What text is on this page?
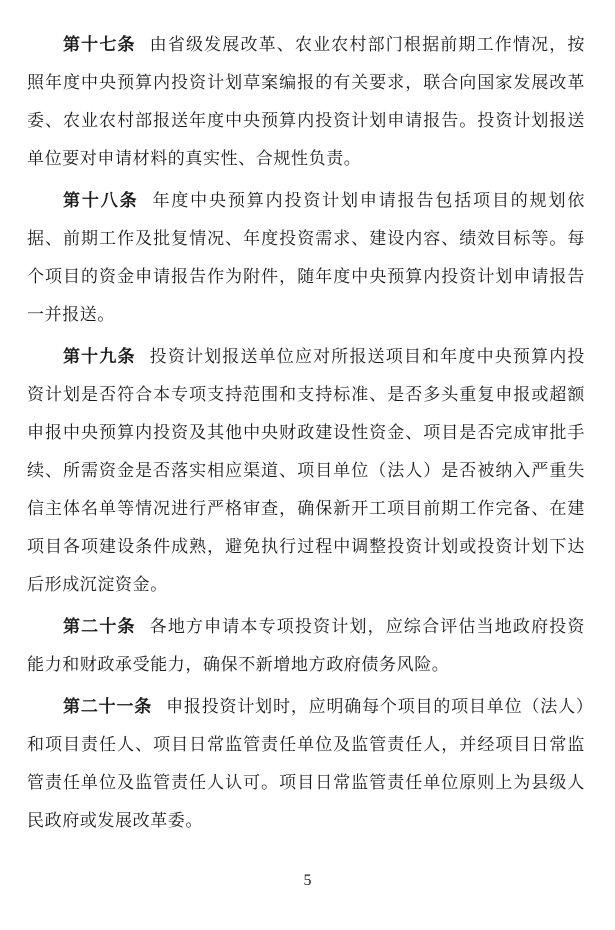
第十七条 由省级发展改革、农业农村部门根据前期工作情况，按照年度中央预算内投资计划草案编报的有关要求，联合向国家发展改革委、农业农村部报送年度中央预算内投资计划申请报告。投资计划报送单位要对申请材料的真实性、合规性负责。

第十八条 年度中央预算内投资计划申请报告包括项目的规划依据、前期工作及批复情况、年度投资需求、建设内容、绩效目标等。每个项目的资金申请报告作为附件，随年度中央预算内投资计划申请报告一并报送。

第十九条 投资计划报送单位应对所报送项目和年度中央预算内投资计划是否符合本专项支持范围和支持标准、是否多头重复申报或超额申报中央预算内投资及其他中央财政建设性资金、项目是否完成审批手续、所需资金是否落实相应渠道、项目单位（法人）是否被纳入严重失信主体名单等情况进行严格审查，确保新开工项目前期工作完备、在建项目各项建设条件成熟，避免执行过程中调整投资计划或投资计划下达后形成沉淀资金。

第二十条 各地方申请本专项投资计划，应综合评估当地政府投资能力和财政承受能力，确保不新增地方政府债务风险。

第二十一条 申报投资计划时，应明确每个项目的项目单位（法人）和项目责任人、项目日常监管责任单位及监管责任人，并经项目日常监管责任单位及监管责任人认可。项目日常监管责任单位原则上为县级人民政府或发展改革委。

5
